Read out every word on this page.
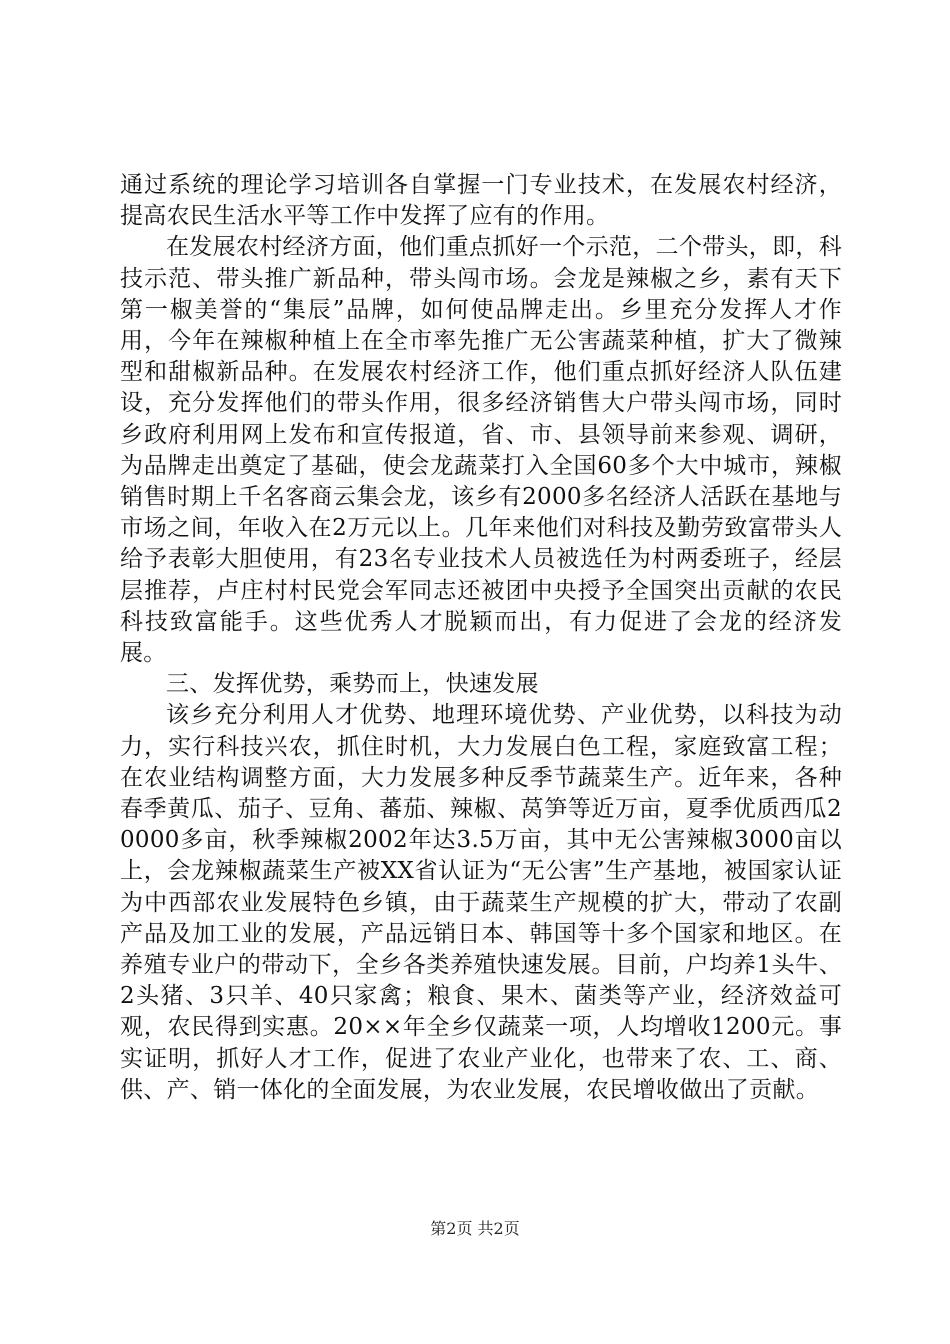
通过系统的理论学习培训各自掌握一门专业技术，在发展农村经济，提高农民生活水平等工作中发挥了应有的作用。

在发展农村经济方面，他们重点抓好一个示范，二个带头，即，科技示范、带头推广新品种，带头闯市场。会龙是辣椒之乡，素有天下第一椒美誉的“集辰”品牌，如何使品牌走出。乡里充分发挥人才作用，今年在辣椒种植上在全市率先推广无公害蔬菜种植，扩大了微辣型和甜椒新品种。在发展农村经济工作，他们重点抓好经济人队伍建设，充分发挥他们的带头作用，很多经济销售大户带头闯市场，同时乡政府利用网上发布和宣传报道，省、市、县领导前来参观、调研，为品牌走出奠定了基础，使会龙蔬菜打入全国60多个大中城市，辣椒销售时期上千名客商云集会龙，该乡有2000多名经济人活跃在基地与市场之间，年收入在2万元以上。几年来他们对科技及勤劳致富带头人给予表彰大胆使用，有23名专业技术人员被选任为村两委班子，经层层推荐，卢庄村村民党会军同志还被团中央授予全国突出贡献的农民科技致富能手。这些优秀人才脱颖而出，有力促进了会龙的经济发展。

三、发挥优势，乘势而上，快速发展

该乡充分利用人才优势、地理环境优势、产业优势，以科技为动力，实行科技兴农，抓住时机，大力发展白色工程，家庭致富工程；在农业结构调整方面，大力发展多种反季节蔬菜生产。近年来，各种春季黄瓜、茄子、豆角、蕃茄、辣椒、莴笋等近万亩，夏季优质西瓜20000多亩，秋季辣椒2002年达3.5万亩，其中无公害辣椒3000亩以上，会龙辣椒蔬菜生产被XX省认证为“无公害”生产基地，被国家认证为中西部农业发展特色乡镇，由于蔬菜生产规模的扩大，带动了农副产品及加工业的发展，产品远销日本、韩国等十多个国家和地区。在养殖专业户的带动下，全乡各类养殖快速发展。目前，户均养1头牛、2头猪、3只羊、40只家禽；粮食、果木、菌类等产业，经济效益可观，农民得到实惠。20××年全乡仅蔬菜一项，人均增收1200元。事实证明，抓好人才工作，促进了农业产业化，也带来了农、工、商、供、产、销一体化的全面发展，为农业发展，农民增收做出了贡献。

第2页 共2页
